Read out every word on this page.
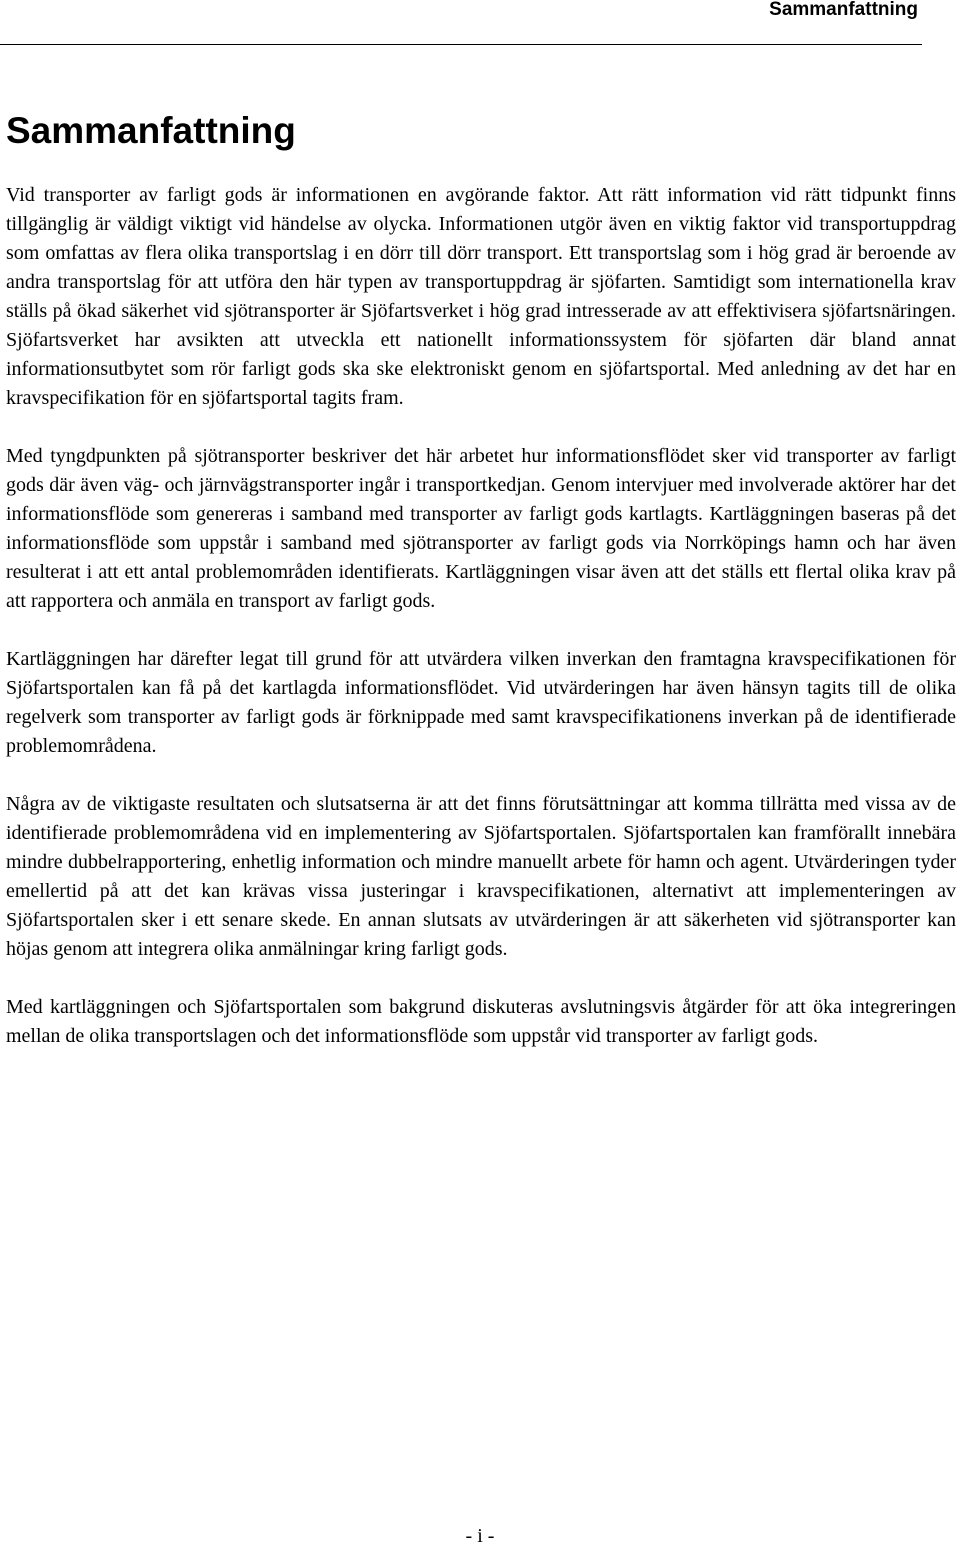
Sammanfattning
Sammanfattning

Vid transporter av farligt gods är informationen en avgörande faktor. Att rätt information vid rätt tidpunkt finns tillgänglig är väldigt viktigt vid händelse av olycka. Informationen utgör även en viktig faktor vid transportuppdrag som omfattas av flera olika transportslag i en dörr till dörr transport. Ett transportslag som i hög grad är beroende av andra transportslag för att utföra den här typen av transportuppdrag är sjöfarten. Samtidigt som internationella krav ställs på ökad säkerhet vid sjötransporter är Sjöfartsverket i hög grad intresserade av att effektivisera sjöfartsnäringen. Sjöfartsverket har avsikten att utveckla ett nationellt informationssystem för sjöfarten där bland annat informationsutbytet som rör farligt gods ska ske elektroniskt genom en sjöfartsportal. Med anledning av det har en kravspecifikation för en sjöfartsportal tagits fram.

Med tyngdpunkten på sjötransporter beskriver det här arbetet hur informationsflödet sker vid transporter av farligt gods där även väg- och järnvägstransporter ingår i transportkedjan. Genom intervjuer med involverade aktörer har det informationsflöde som genereras i samband med transporter av farligt gods kartlagts. Kartläggningen baseras på det informationsflöde som uppstår i samband med sjötransporter av farligt gods via Norrköpings hamn och har även resulterat i att ett antal problemområden identifierats. Kartläggningen visar även att det ställs ett flertal olika krav på att rapportera och anmäla en transport av farligt gods.

Kartläggningen har därefter legat till grund för att utvärdera vilken inverkan den framtagna kravspecifikationen för Sjöfartsportalen kan få på det kartlagda informationsflödet. Vid utvärderingen har även hänsyn tagits till de olika regelverk som transporter av farligt gods är förknippade med samt kravspecifikationens inverkan på de identifierade problemområdena.

Några av de viktigaste resultaten och slutsatserna är att det finns förutsättningar att komma tillrätta med vissa av de identifierade problemområdena vid en implementering av Sjöfartsportalen. Sjöfartsportalen kan framförallt innebära mindre dubbelrapportering, enhetlig information och mindre manuellt arbete för hamn och agent. Utvärderingen tyder emellertid på att det kan krävas vissa justeringar i kravspecifikationen, alternativt att implementeringen av Sjöfartsportalen sker i ett senare skede. En annan slutsats av utvärderingen är att säkerheten vid sjötransporter kan höjas genom att integrera olika anmälningar kring farligt gods.

Med kartläggningen och Sjöfartsportalen som bakgrund diskuteras avslutningsvis åtgärder för att öka integreringen mellan de olika transportslagen och det informationsflöde som uppstår vid transporter av farligt gods.

- i -
